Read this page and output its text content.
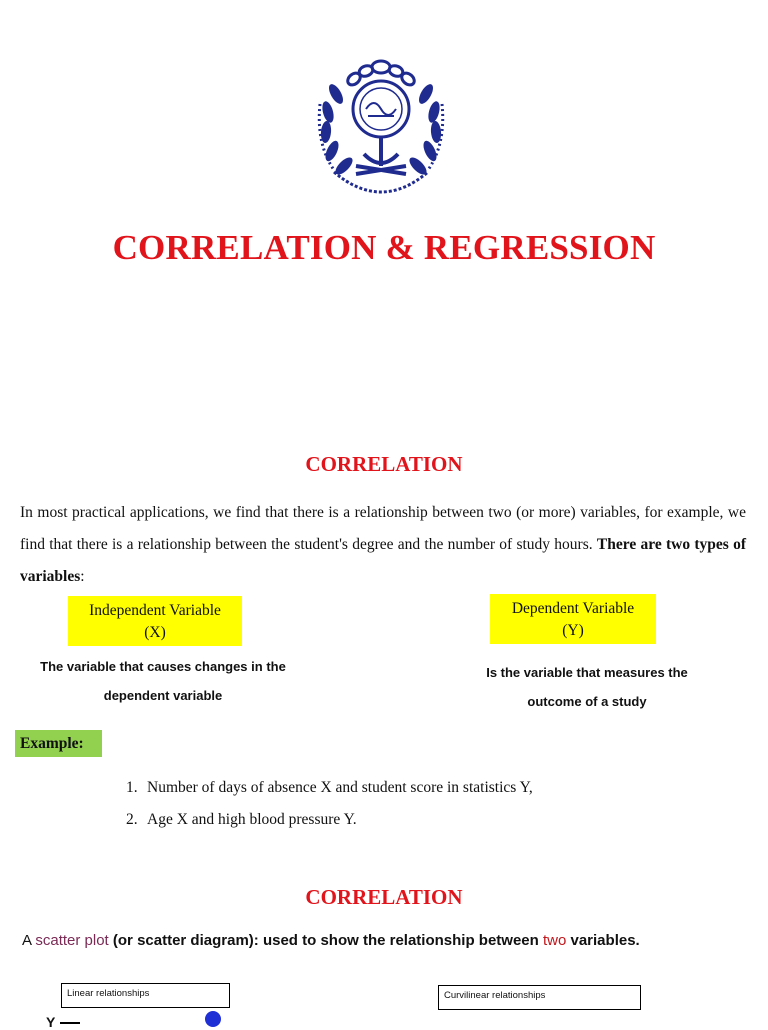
CORRELATION & REGRESSION
CORRELATION
In most practical applications, we find that there is a relationship between two (or more) variables, for example, we find that there is a relationship between the student's degree and the number of study hours. There are two types of variables:
Independent Variable
(X)
The variable that causes changes in the
dependent variable
Dependent Variable
(Y)
Is the variable that measures the
outcome of a study
Example:
1. Number of days of absence X and student score in statistics Y,
2. Age X and high blood pressure Y.
CORRELATION
A scatter plot (or scatter diagram): used to show the relationship between two variables.
Linear relationships	Curvilinear relationships
Y
